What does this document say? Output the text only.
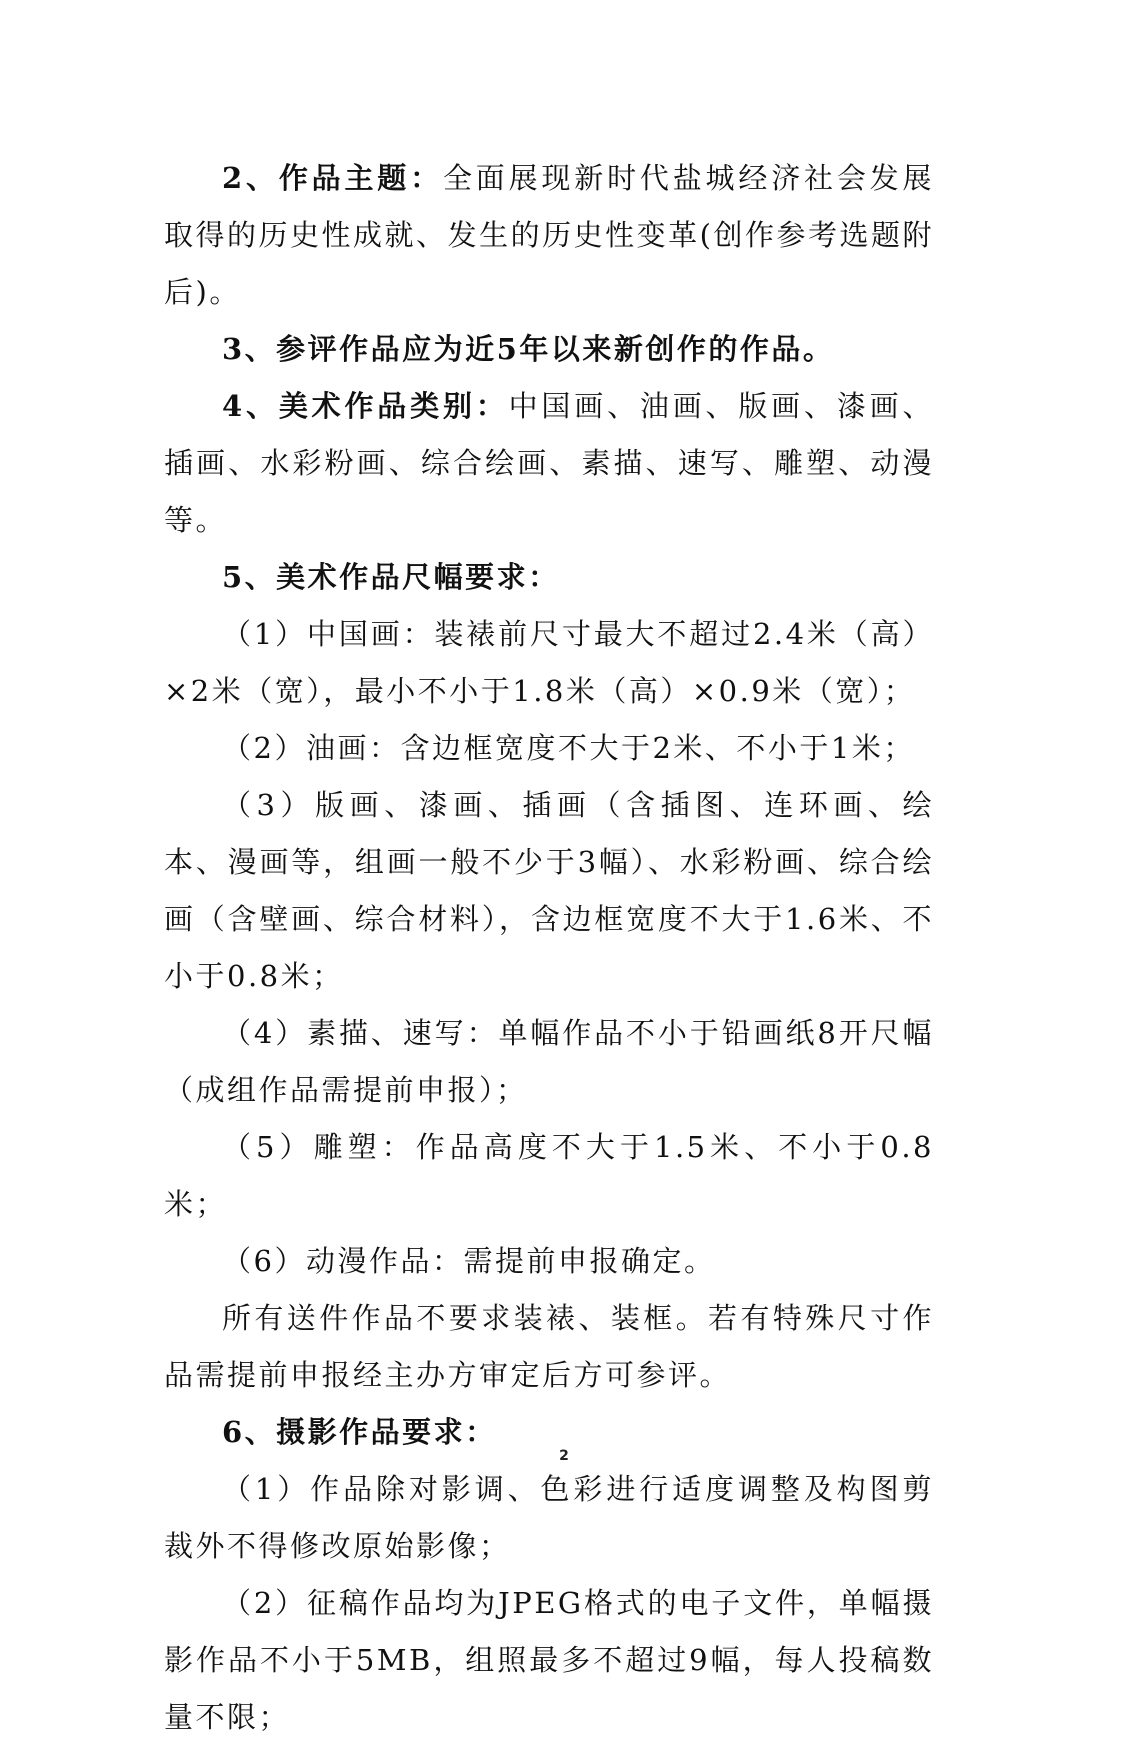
2、作品主题：全面展现新时代盐城经济社会发展取得的历史性成就、发生的历史性变革(创作参考选题附后)。

3、参评作品应为近5年以来新创作的作品。

4、美术作品类别：中国画、油画、版画、漆画、插画、水彩粉画、综合绘画、素描、速写、雕塑、动漫等。

5、美术作品尺幅要求：

（1）中国画：装裱前尺寸最大不超过2.4米（高）×2米（宽），最小不小于1.8米（高）×0.9米（宽）；

（2）油画：含边框宽度不大于2米、不小于1米；

（3）版画、漆画、插画（含插图、连环画、绘本、漫画等，组画一般不少于3幅）、水彩粉画、综合绘画（含壁画、综合材料），含边框宽度不大于1.6米、不小于0.8米；

（4）素描、速写：单幅作品不小于铅画纸8开尺幅（成组作品需提前申报）；

（5）雕塑：作品高度不大于1.5米、不小于0.8米；

（6）动漫作品：需提前申报确定。

所有送件作品不要求装裱、装框。若有特殊尺寸作品需提前申报经主办方审定后方可参评。

6、摄影作品要求：

（1）作品除对影调、色彩进行适度调整及构图剪裁外不得修改原始影像；

（2）征稿作品均为JPEG格式的电子文件，单幅摄影作品不小于5MB，组照最多不超过9幅，每人投稿数量不限；

2
